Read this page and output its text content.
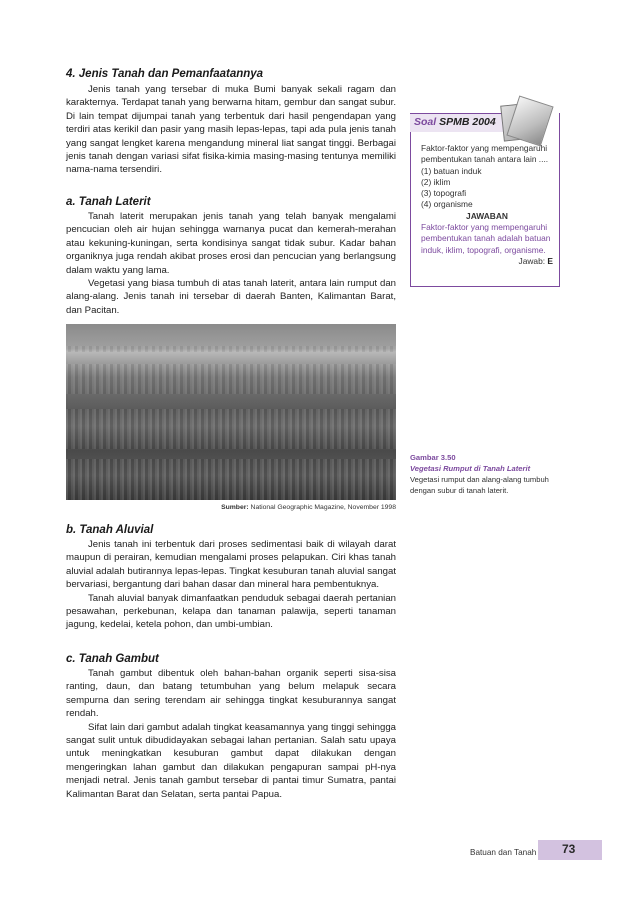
4. Jenis Tanah dan Pemanfaatannya

Jenis tanah yang tersebar di muka Bumi banyak sekali ragam dan karakternya. Terdapat tanah yang berwarna hitam, gembur dan sangat subur. Di lain tempat dijumpai tanah yang terbentuk dari hasil pengendapan yang terdiri atas kerikil dan pasir yang masih lepas-lepas, tapi ada pula jenis tanah yang sangat lengket karena mengandung mineral liat sangat tinggi. Berbagai jenis tanah dengan variasi sifat fisika-kimia masing-masing tentunya memiliki nama-nama tersendiri.

a. Tanah Laterit

Tanah laterit merupakan jenis tanah yang telah banyak mengalami pencucian oleh air hujan sehingga warnanya pucat dan kemerah-merahan atau kekuning-kuningan, serta kondisinya sangat tidak subur. Kadar bahan organiknya juga rendah akibat proses erosi dan pencucian yang berlangsung dalam waktu yang lama.

Vegetasi yang biasa tumbuh di atas tanah laterit, antara lain rumput dan alang-alang. Jenis tanah ini tersebar di daerah Banten, Kalimantan Barat, dan Pacitan.

Sumber: National Geographic Magazine, November 1998
b. Tanah Aluvial

Jenis tanah ini terbentuk dari proses sedimentasi baik di wilayah darat maupun di perairan, kemudian mengalami proses pelapukan. Ciri khas tanah aluvial adalah butirannya lepas-lepas. Tingkat kesuburan tanah aluvial sangat bervariasi, bergantung dari bahan dasar dan mineral hara pembentuknya.

Tanah aluvial banyak dimanfaatkan penduduk sebagai daerah pertanian pesawahan, perkebunan, kelapa dan tanaman palawija, seperti tanaman jagung, kedelai, ketela pohon, dan umbi-umbian.

c. Tanah Gambut

Tanah gambut dibentuk oleh bahan-bahan organik seperti sisa-sisa ranting, daun, dan batang tetumbuhan yang belum melapuk secara sempurna dan sering terendam air sehingga tingkat kesuburannya sangat rendah.

Sifat lain dari gambut adalah tingkat keasamannya yang tinggi sehingga sangat sulit untuk dibudidayakan sebagai lahan pertanian. Salah satu upaya untuk meningkatkan kesuburan gambut dapat dilakukan dengan mengeringkan lahan gambut dan dilakukan pengapuran sampai pH-nya menjadi netral. Jenis tanah gambut tersebar di pantai timur Sumatra, pantai Kalimantan Barat dan Selatan, serta pantai Papua.

Soal SPMB 2004
Faktor-faktor yang mempengaruhi pembentukan tanah antara lain ....
(1) batuan induk
(2) iklim
(3) topografi
(4) organisme
JAWABAN
Faktor-faktor yang mempengaruhi pembentukan tanah adalah batuan induk, iklim, topografi, organisme.
Jawab: E
Gambar 3.50
Vegetasi Rumput di Tanah Laterit
Vegetasi rumput dan alang-alang tumbuh dengan subur di tanah laterit.
Batuan dan Tanah 73
